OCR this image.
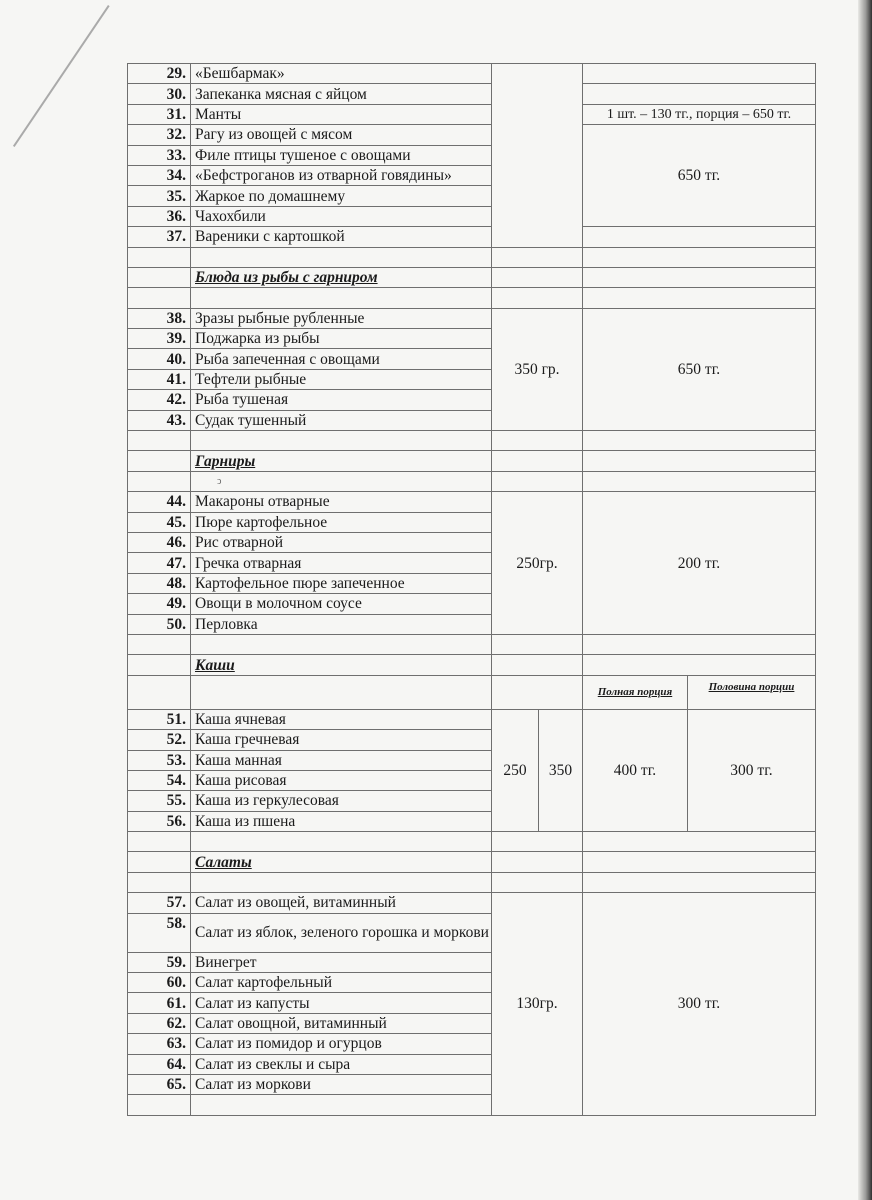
29.	«Бешбармак»				
30.	Запеканка мясная с яйцом				
31.	Манты			1 шт. – 130 тг., порция – 650 тг.	
32.	Рагу из овощей с мясом			650 тг.	
33.	Филе птицы тушеное с овощами				
34.	«Бефстроганов из отварной говядины»				
35.	Жаркое по домашнему				
36.	Чахохбили				
37.	Вареники с картошкой				

	Блюда из рыбы с гарниром				

38.	Зразы рыбные рубленные	350 гр.		650 тг.	
39.	Поджарка из рыбы				
40.	Рыба запеченная с овощами				
41.	Тефтели рыбные				
42.	Рыба тушеная				
43.	Судак тушенный				

	Гарниры				
	ↄ				
44.	Макароны отварные	250гр.		200 тг.	
45.	Пюре картофельное				
46.	Рис отварной				
47.	Гречка отварная				
48.	Картофельное пюре запеченное				
49.	Овощи в молочном соусе				
50.	Перловка				

	Каши				
				Полная порция	Половина порции
51.	Каша ячневая	250	350	400 тг.	300 тг.
52.	Каша гречневая				
53.	Каша манная				
54.	Каша рисовая				
55.	Каша из геркулесовая				
56.	Каша из пшена				

	Салаты				

57.	Салат из овощей, витаминный	130гр.		300 тг.	
58.	Салат из яблок, зеленого горошка и моркови				
59.	Винегрет				
60.	Салат картофельный				
61.	Салат из капусты				
62.	Салат овощной, витаминный				
63.	Салат из помидор и огурцов				
64.	Салат из свеклы и сыра				
65.	Салат из моркови				
